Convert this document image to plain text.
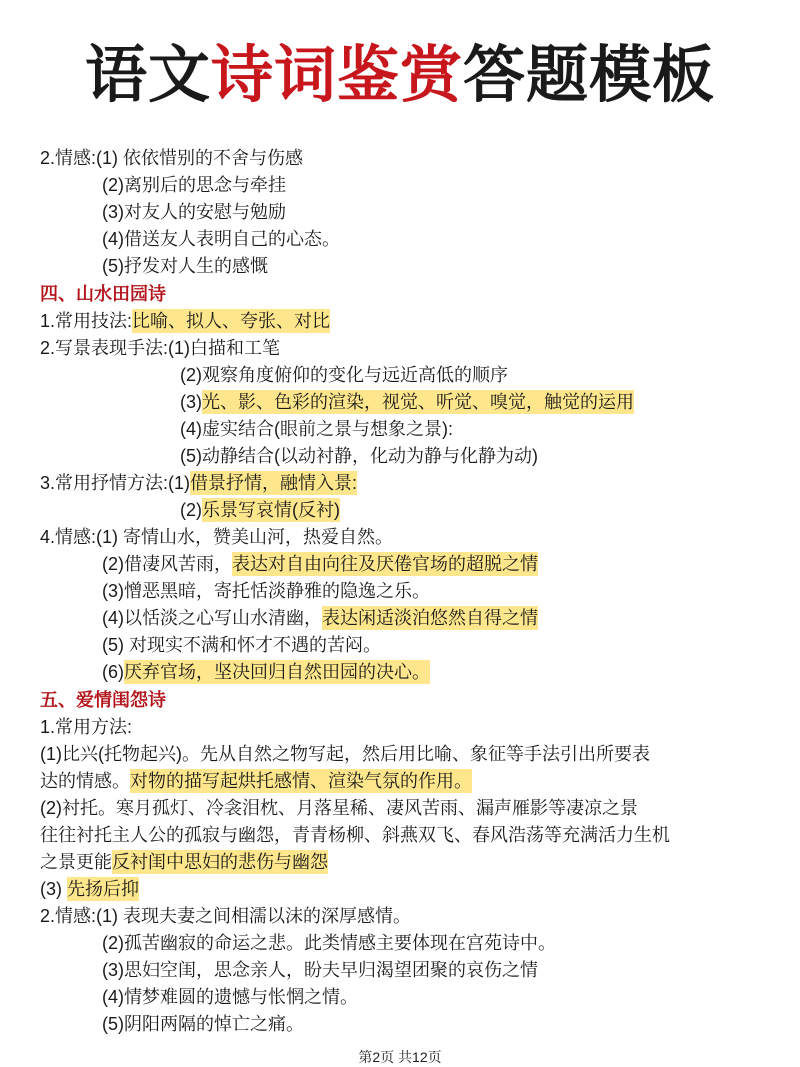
语文诗词鉴赏答题模板
2.情感:(1) 依依惜别的不舍与伤感
(2)离别后的思念与牵挂
(3)对友人的安慰与勉励
(4)借送友人表明自己的心态。
(5)抒发对人生的感慨
四、山水田园诗
1.常用技法:比喻、拟人、夸张、对比
2.写景表现手法:(1)白描和工笔
(2)观察角度俯仰的变化与远近高低的顺序
(3)光、影、色彩的渲染，视觉、听觉、嗅觉，触觉的运用
(4)虚实结合(眼前之景与想象之景):
(5)动静结合(以动衬静，化动为静与化静为动)
3.常用抒情方法:(1)借景抒情，融情入景:
(2)乐景写哀情(反衬)
4.情感:(1) 寄情山水，赞美山河，热爱自然。
(2)借凄风苦雨，表达对自由向往及厌倦官场的超脱之情
(3)憎恶黑暗，寄托恬淡静雅的隐逸之乐。
(4)以恬淡之心写山水清幽，表达闲适淡泊悠然自得之情
(5) 对现实不满和怀才不遇的苦闷。
(6)厌弃官场，坚决回归自然田园的决心。
五、爱情闺怨诗
1.常用方法:
(1)比兴(托物起兴)。先从自然之物写起，然后用比喻、象征等手法引出所要表
达的情感。对物的描写起烘托感情、渲染气氛的作用。
(2)衬托。寒月孤灯、冷衾泪枕、月落星稀、凄风苦雨、漏声雁影等凄凉之景
往往衬托主人公的孤寂与幽怨，青青杨柳、斜燕双飞、春风浩荡等充满活力生机
之景更能反衬闺中思妇的悲伤与幽怨
(3) 先扬后抑
2.情感:(1) 表现夫妻之间相濡以沫的深厚感情。
(2)孤苦幽寂的命运之悲。此类情感主要体现在宫苑诗中。
(3)思妇空闺，思念亲人，盼夫早归渴望团聚的哀伤之情
(4)情梦难圆的遗憾与怅惘之情。
(5)阴阳两隔的悼亡之痛。
第2页 共12页
